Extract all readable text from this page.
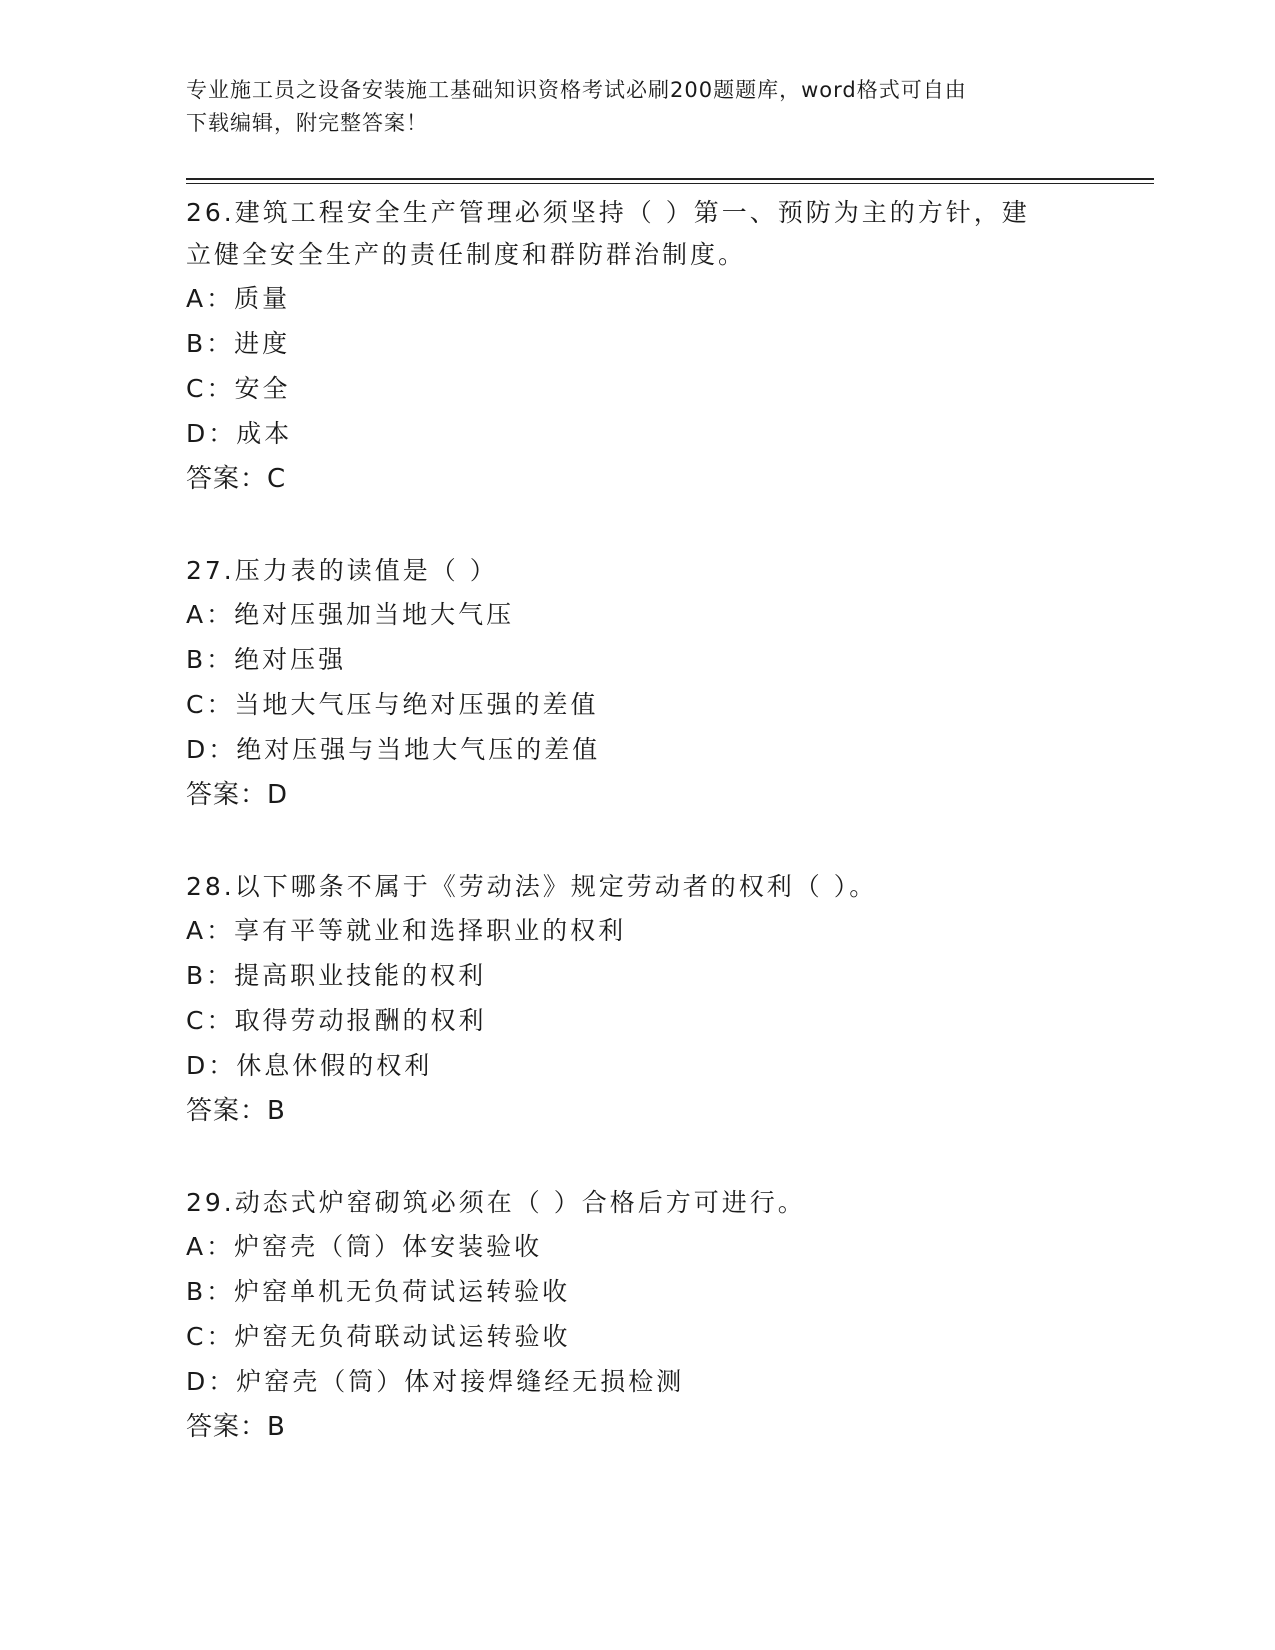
专业施工员之设备安装施工基础知识资格考试必刷200题题库，word格式可自由
下载编辑，附完整答案！
26.建筑工程安全生产管理必须坚持（ ）第一、预防为主的方针，建
立健全安全生产的责任制度和群防群治制度。
A：质量
B：进度
C：安全
D：成本
答案：C
27.压力表的读值是（ ）
A：绝对压强加当地大气压
B：绝对压强
C：当地大气压与绝对压强的差值
D：绝对压强与当地大气压的差值
答案：D
28.以下哪条不属于《劳动法》规定劳动者的权利（ ）。
A：享有平等就业和选择职业的权利
B：提高职业技能的权利
C：取得劳动报酬的权利
D：休息休假的权利
答案：B
29.动态式炉窑砌筑必须在（ ）合格后方可进行。
A：炉窑壳（筒）体安装验收
B：炉窑单机无负荷试运转验收
C：炉窑无负荷联动试运转验收
D：炉窑壳（筒）体对接焊缝经无损检测
答案：B
